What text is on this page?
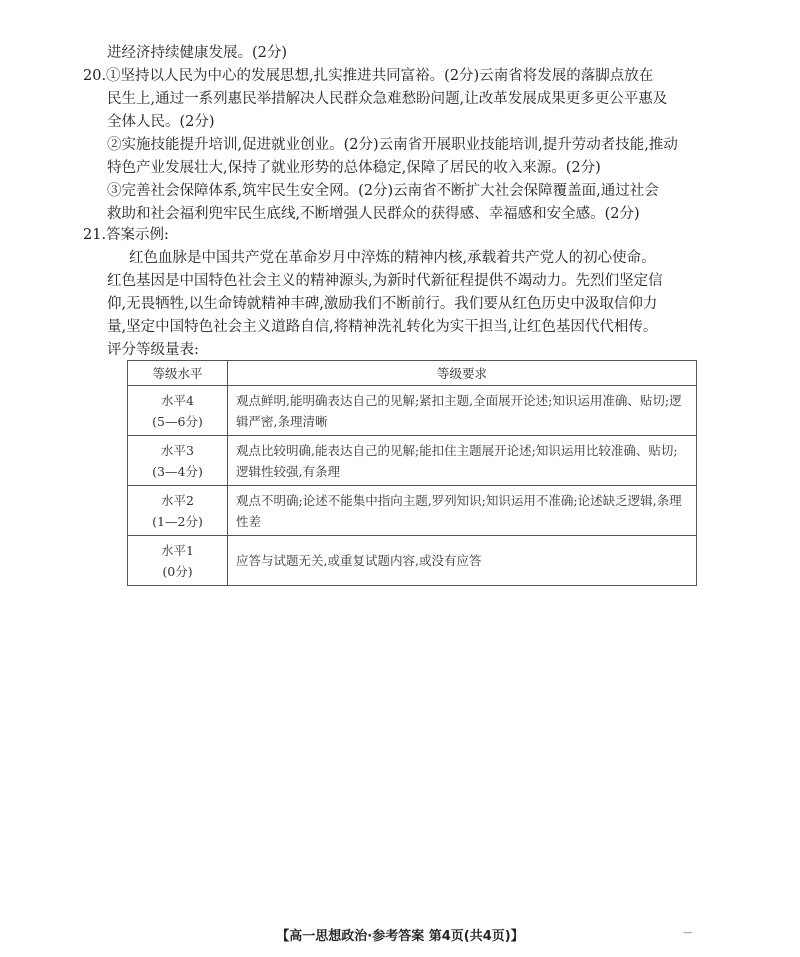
进经济持续健康发展。(2分)
20.①坚持以人民为中心的发展思想,扎实推进共同富裕。(2分)云南省将发展的落脚点放在
民生上,通过一系列惠民举措解决人民群众急难愁盼问题,让改革发展成果更多更公平惠及
全体人民。(2分)
②实施技能提升培训,促进就业创业。(2分)云南省开展职业技能培训,提升劳动者技能,推动
特色产业发展壮大,保持了就业形势的总体稳定,保障了居民的收入来源。(2分)
③完善社会保障体系,筑牢民生安全网。(2分)云南省不断扩大社会保障覆盖面,通过社会
救助和社会福利兜牢民生底线,不断增强人民群众的获得感、幸福感和安全感。(2分)
21.答案示例:
红色血脉是中国共产党在革命岁月中淬炼的精神内核,承载着共产党人的初心使命。
红色基因是中国特色社会主义的精神源头,为新时代新征程提供不竭动力。先烈们坚定信
仰,无畏牺牲,以生命铸就精神丰碑,激励我们不断前行。我们要从红色历史中汲取信仰力
量,坚定中国特色社会主义道路自信,将精神洗礼转化为实干担当,让红色基因代代相传。
评分等级量表:
等级水平	等级要求

水平4
(5—6分)	观点鲜明,能明确表达自己的见解;紧扣主题,全面展开论述;知识运用准确、贴切;逻辑严密,条理清晰

水平3
(3—4分)	观点比较明确,能表达自己的见解;能扣住主题展开论述;知识运用比较准确、贴切;逻辑性较强,有条理

水平2
(1—2分)	观点不明确;论述不能集中指向主题,罗列知识;知识运用不准确;论述缺乏逻辑,条理性差

水平1
(0分)	应答与试题无关,或重复试题内容,或没有应答
【高一思想政治·参考答案 第4页(共4页)】	—
